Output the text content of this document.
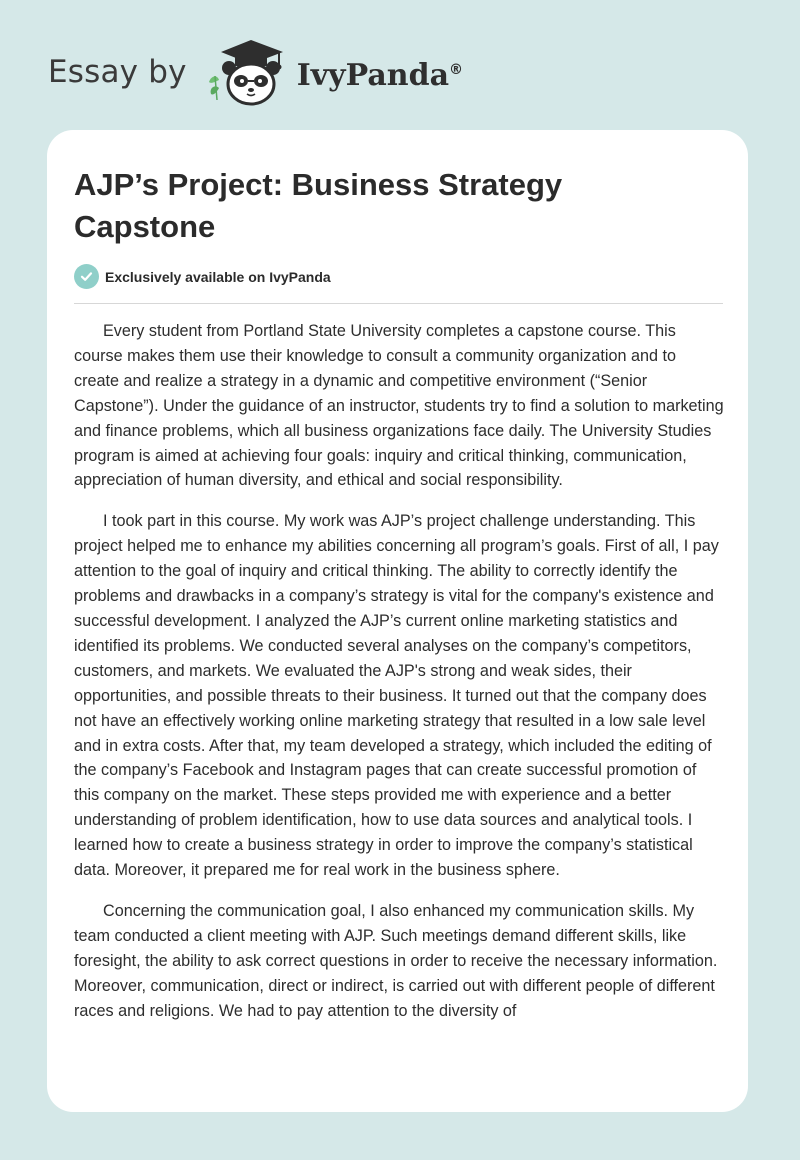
Essay by	IvyPanda®
AJP’s Project: Business Strategy Capstone
Exclusively available on IvyPanda

Every student from Portland State University completes a capstone course. This course makes them use their knowledge to consult a community organization and to create and realize a strategy in a dynamic and competitive environment (“Senior Capstone”). Under the guidance of an instructor, students try to find a solution to marketing and finance problems, which all business organizations face daily. The University Studies program is aimed at achieving four goals: inquiry and critical thinking, communication, appreciation of human diversity, and ethical and social responsibility.

I took part in this course. My work was AJP’s project challenge understanding. This project helped me to enhance my abilities concerning all program’s goals. First of all, I pay attention to the goal of inquiry and critical thinking. The ability to correctly identify the problems and drawbacks in a company’s strategy is vital for the company's existence and successful development. I analyzed the AJP’s current online marketing statistics and identified its problems. We conducted several analyses on the company’s competitors, customers, and markets. We evaluated the AJP's strong and weak sides, their opportunities, and possible threats to their business. It turned out that the company does not have an effectively working online marketing strategy that resulted in a low sale level and in extra costs. After that, my team developed a strategy, which included the editing of the company’s Facebook and Instagram pages that can create successful promotion of this company on the market. These steps provided me with experience and a better understanding of problem identification, how to use data sources and analytical tools. I learned how to create a business strategy in order to improve the company’s statistical data. Moreover, it prepared me for real work in the business sphere.

Concerning the communication goal, I also enhanced my communication skills. My team conducted a client meeting with AJP. Such meetings demand different skills, like foresight, the ability to ask correct questions in order to receive the necessary information. Moreover, communication, direct or indirect, is carried out with different people of different races and religions. We had to pay attention to the diversity of
